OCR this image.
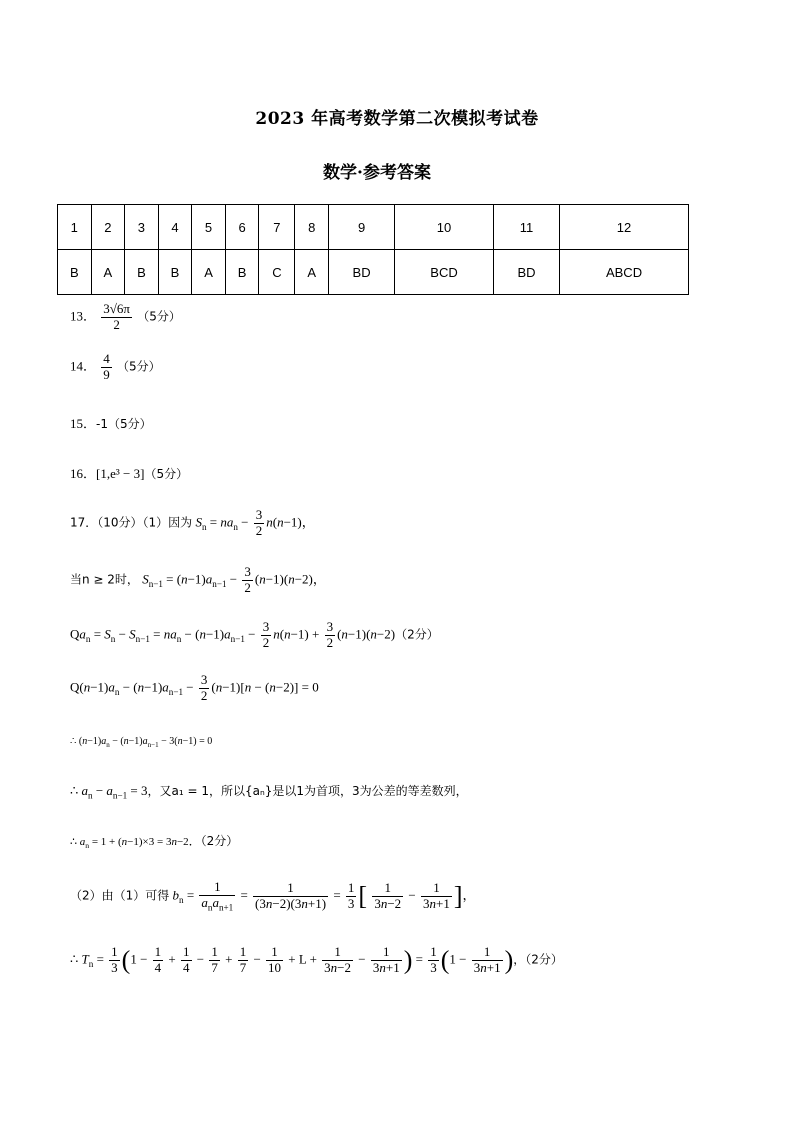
2023 年高考数学第二次模拟考试卷
数学·参考答案
1	2	3	4	5	6	7	8	9	10	11	12
B	A	B	B	A	B	C	A	BD	BCD	BD	ABCD
13． $\frac{3√6\pi}{2} (5$分）
14． $\frac{4}{9} (5$分）
15．-1（5分）
16．[1,e³ − 3]（5分）
17．（10分）（1）因为 $S_n = na_n - \frac{3}{2} n(n-1)$，
当n ≥ 2时， $S_{n-1} = (n-1)a_{n-1} - \frac{3}{2} (n-1)(n-2)$，
$Qa_n = S_n - S_{n-1} = na_n - (n-1)a_{n-1} - \frac{3}{2} n(n-1) + \frac{3}{2} (n-1)(n-2)(2$分）
$Q(n-1)a_n - (n-1)a_{n-1} - \frac{3}{2} (n-1)[n - (n-2)] = 0$
∴ $(n-1)a_n - (n-1)a_{n-1} - 3(n-1) = 0$
∴ $a_n - a_{n-1} = 3$，又a₁ = 1，所以{aₙ}是以1为首项，3为公差的等差数列，
∴ $a_n = 1 + (n-1)\times 3 = 3n-2$．（2分）
（2）由（1）可得 $b_n = \frac{1}{a_na_{n+1}} = \frac{1}{(3n-2)(3n+1)} = \frac{1}{3}$ [ $\frac{1}{3n-2} - \frac{1}{3n+1}$ ]，
∴ $T_n = \frac{1}{3} (1 - \frac{1}{4} + \frac{1}{4} - \frac{1}{7} + \frac{1}{7} - \frac{1}{10} + L + \frac{1}{3n-2} - \frac{1}{3n+1}$ ) = $\frac{1}{3} (1 - \frac{1}{3n+1}$ )，（2分）
